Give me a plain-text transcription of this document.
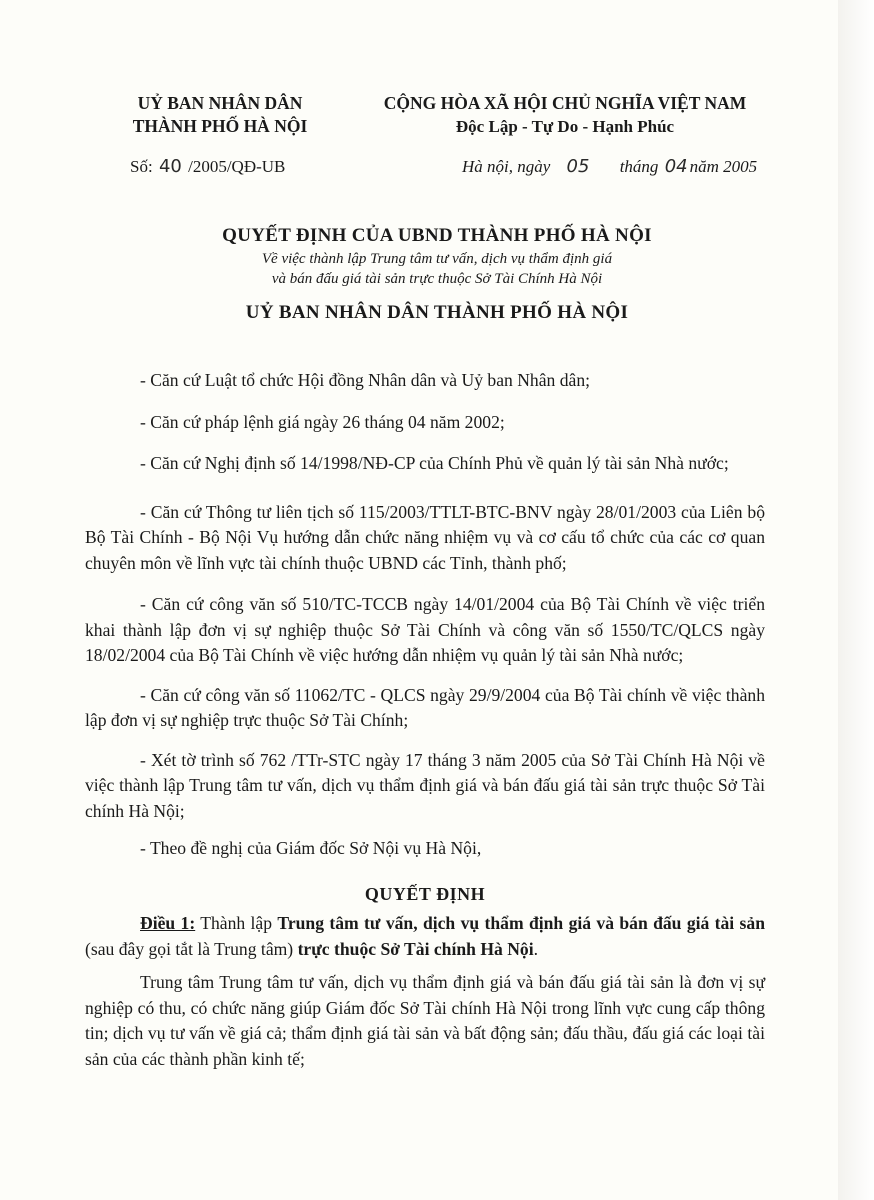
UỶ BAN NHÂN DÂN
THÀNH PHỐ HÀ NỘI
CỘNG HÒA XÃ HỘI CHỦ NGHĨA VIỆT NAM
Độc Lập - Tự Do - Hạnh Phúc
Số: 40 /2005/QĐ-UB	Hà nội, ngày 05 tháng 04 năm 2005
QUYẾT ĐỊNH CỦA UBND THÀNH PHỐ HÀ NỘI
Về việc thành lập Trung tâm tư vấn, dịch vụ thẩm định giá
và bán đấu giá tài sản trực thuộc Sở Tài Chính Hà Nội
UỶ BAN NHÂN DÂN THÀNH PHỐ HÀ NỘI

- Căn cứ Luật tổ chức Hội đồng Nhân dân và Uỷ ban Nhân dân;

- Căn cứ pháp lệnh giá ngày 26 tháng 04 năm 2002;

- Căn cứ Nghị định số 14/1998/NĐ-CP của Chính Phủ về quản lý tài sản Nhà nước;

- Căn cứ Thông tư liên tịch số 115/2003/TTLT-BTC-BNV ngày 28/01/2003 của Liên bộ Bộ Tài Chính - Bộ Nội Vụ hướng dẫn chức năng nhiệm vụ và cơ cấu tổ chức của các cơ quan chuyên môn về lĩnh vực tài chính thuộc UBND các Tỉnh, thành phố;

- Căn cứ công văn số 510/TC-TCCB ngày 14/01/2004 của Bộ Tài Chính về việc triển khai thành lập đơn vị sự nghiệp thuộc Sở Tài Chính và công văn số 1550/TC/QLCS ngày 18/02/2004 của Bộ Tài Chính về việc hướng dẫn nhiệm vụ quản lý tài sản Nhà nước;

- Căn cứ công văn số 11062/TC - QLCS ngày 29/9/2004 của Bộ Tài chính về việc thành lập đơn vị sự nghiệp trực thuộc Sở Tài Chính;

- Xét tờ trình số 762 /TTr-STC ngày 17 tháng 3 năm 2005 của Sở Tài Chính Hà Nội về việc thành lập Trung tâm tư vấn, dịch vụ thẩm định giá và bán đấu giá tài sản trực thuộc Sở Tài chính Hà Nội;

- Theo đề nghị của Giám đốc Sở Nội vụ Hà Nội,

QUYẾT ĐỊNH

Điều 1: Thành lập Trung tâm tư vấn, dịch vụ thẩm định giá và bán đấu giá tài sản (sau đây gọi tắt là Trung tâm) trực thuộc Sở Tài chính Hà Nội.

Trung tâm Trung tâm tư vấn, dịch vụ thẩm định giá và bán đấu giá tài sản là đơn vị sự nghiệp có thu, có chức năng giúp Giám đốc Sở Tài chính Hà Nội trong lĩnh vực cung cấp thông tin; dịch vụ tư vấn về giá cả; thẩm định giá tài sản và bất động sản; đấu thầu, đấu giá các loại tài sản của các thành phần kinh tế;
